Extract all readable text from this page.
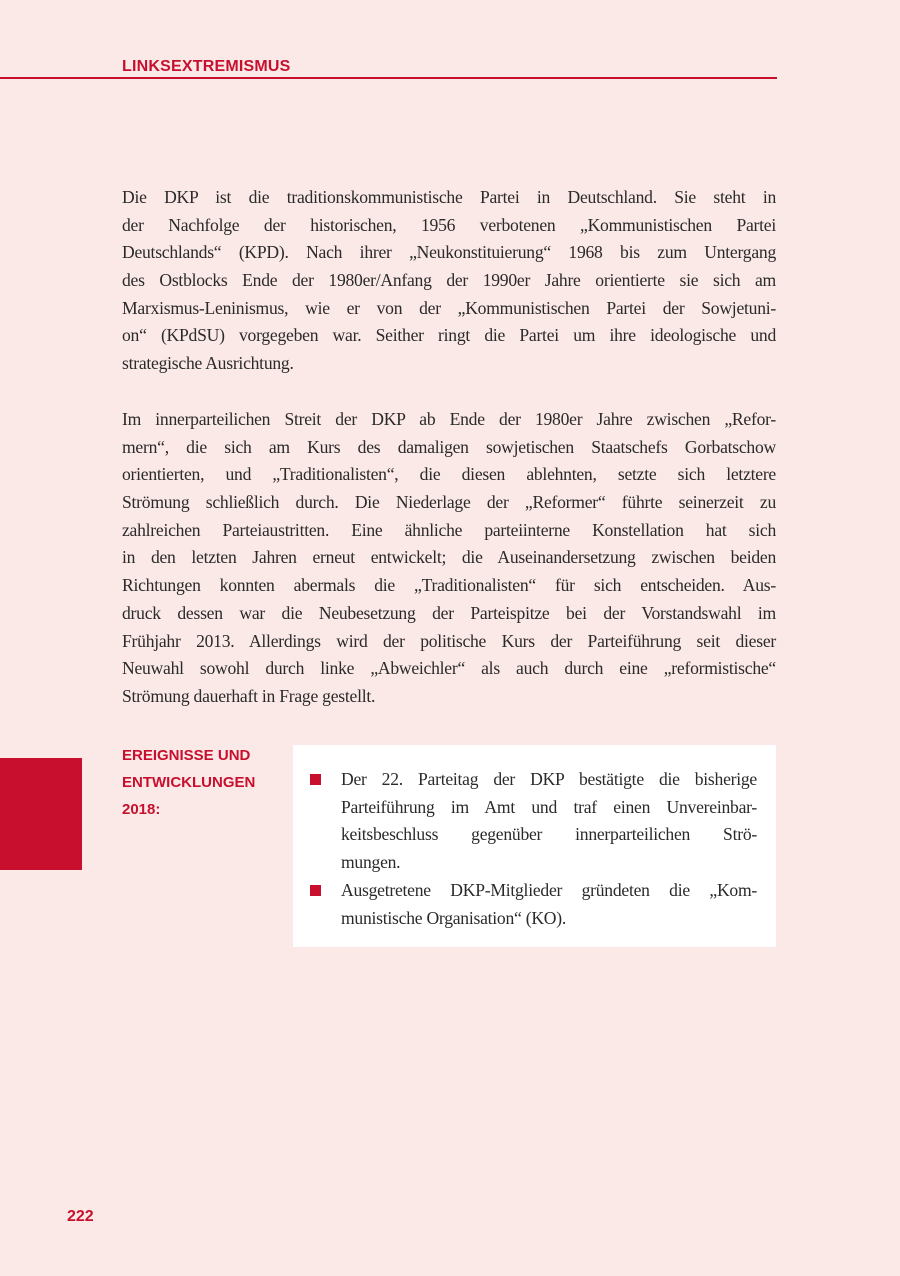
LINKSEXTREMISMUS
Die DKP ist die traditionskommunistische Partei in Deutschland. Sie steht in
der Nachfolge der historischen, 1956 verbotenen „Kommunistischen Partei
Deutschlands“ (KPD). Nach ihrer „Neukonstituierung“ 1968 bis zum Untergang
des Ostblocks Ende der 1980er/Anfang der 1990er Jahre orientierte sie sich am
Marxismus-Leninismus, wie er von der „Kommunistischen Partei der Sowjetuni-
on“ (KPdSU) vorgegeben war. Seither ringt die Partei um ihre ideologische und
strategische Ausrichtung.
Im innerparteilichen Streit der DKP ab Ende der 1980er Jahre zwischen „Refor-
mern“, die sich am Kurs des damaligen sowjetischen Staatschefs Gorbatschow
orientierten, und „Traditionalisten“, die diesen ablehnten, setzte sich letztere
Strömung schließlich durch. Die Niederlage der „Reformer“ führte seinerzeit zu
zahlreichen Parteiaustritten. Eine ähnliche parteiinterne Konstellation hat sich
in den letzten Jahren erneut entwickelt; die Auseinandersetzung zwischen beiden
Richtungen konnten abermals die „Traditionalisten“ für sich entscheiden. Aus-
druck dessen war die Neubesetzung der Parteispitze bei der Vorstandswahl im
Frühjahr 2013. Allerdings wird der politische Kurs der Parteiführung seit dieser
Neuwahl sowohl durch linke „Abweichler“ als auch durch eine „reformistische“
Strömung dauerhaft in Frage gestellt.
EREIGNISSE UND
ENTWICKLUNGEN
2018:
Der 22. Parteitag der DKP bestätigte die bisherige
Parteiführung im Amt und traf einen Unvereinbar-
keitsbeschluss gegenüber innerparteilichen Strö-
mungen.
Ausgetretene DKP-Mitglieder gründeten die „Kom-
munistische Organisation“ (KO).
222
